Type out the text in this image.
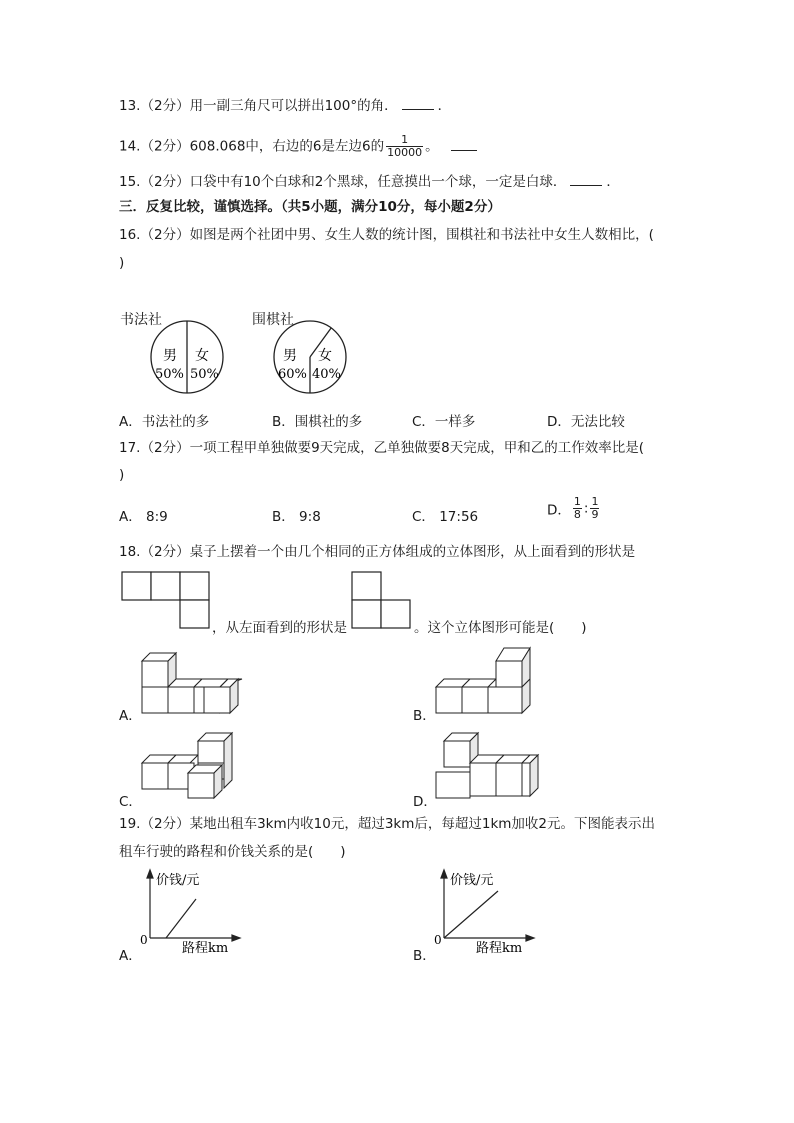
13.（2分）用一副三角尺可以拼出100°的角．	．
14.（2分）608.068中，右边的6是左边6的 $\frac{1}{10000}$ 。
15.（2分）口袋中有10个白球和2个黑球，任意摸出一个球，一定是白球．	．
三．反复比较，谨慎选择。（共5小题，满分10分，每小题2分）
16.（2分）如图是两个社团中男、女生人数的统计图，围棋社和书法社中女生人数相比，(
)
书法社	围棋社
男 女
50% 50%
男 女
60% 40%
A．书法社的多	B．围棋社的多	C．一样多	D．无法比较
17.（2分）一项工程甲单独做要9天完成，乙单独做要8天完成，甲和乙的工作效率比是(
)
A． 8:9	B． 9:8	C． 17:56	D． $\frac{1}{8}$ : $\frac{1}{9}$
18.（2分）桌子上摆着一个由几个相同的正方体组成的立体图形，从上面看到的形状是
，从左面看到的形状是	。这个立体图形可能是(　　)
A．	B．
C．	D．
19.（2分）某地出租车3km内收10元，超过3km后，每超过1km加收2元。下图能表示出
租车行驶的路程和价钱关系的是(　　)
价钱/元
0
路程km
A．
价钱/元
0
路程km
B．
